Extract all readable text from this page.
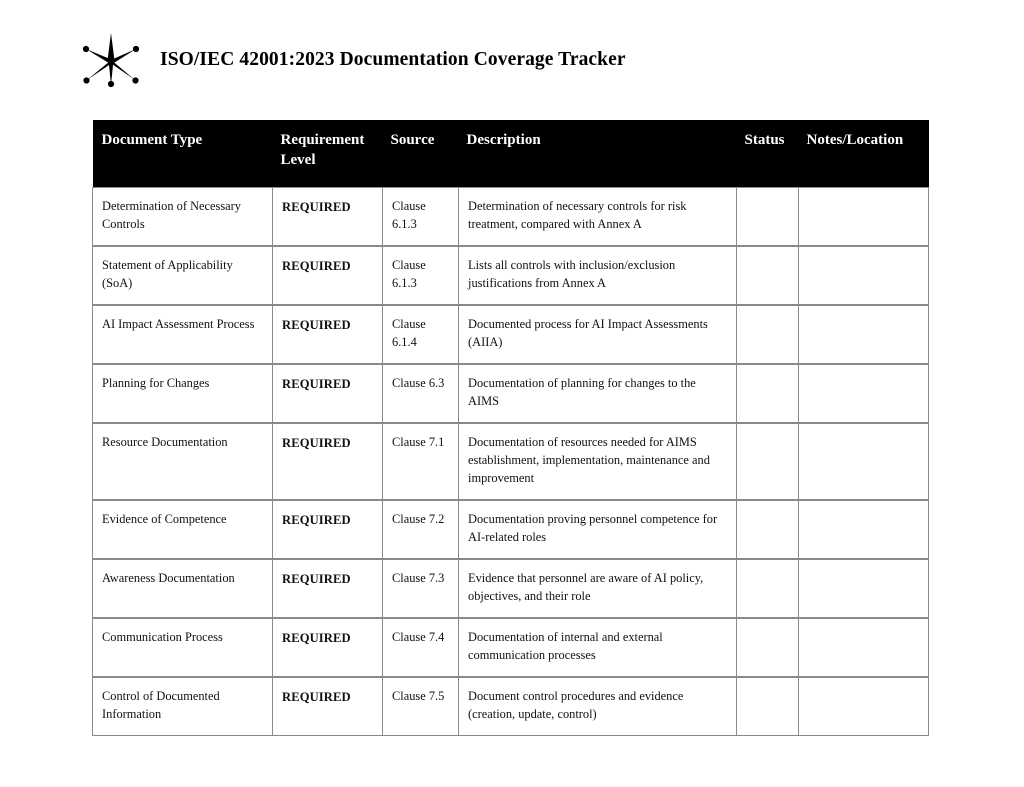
ISO/IEC 42001:2023 Documentation Coverage Tracker
Document Type	Requirement Level	Source	Description	Status	Notes/Location
Determination of Necessary Controls	REQUIRED	Clause 6.1.3	Determination of necessary controls for risk treatment, compared with Annex A		
Statement of Applicability (SoA)	REQUIRED	Clause 6.1.3	Lists all controls with inclusion/exclusion justifications from Annex A		
AI Impact Assessment Process	REQUIRED	Clause 6.1.4	Documented process for AI Impact Assessments (AIIA)		
Planning for Changes	REQUIRED	Clause 6.3	Documentation of planning for changes to the AIMS		
Resource Documentation	REQUIRED	Clause 7.1	Documentation of resources needed for AIMS establishment, implementation, maintenance and improvement		
Evidence of Competence	REQUIRED	Clause 7.2	Documentation proving personnel competence for AI-related roles		
Awareness Documentation	REQUIRED	Clause 7.3	Evidence that personnel are aware of AI policy, objectives, and their role		
Communication Process	REQUIRED	Clause 7.4	Documentation of internal and external communication processes		
Control of Documented Information	REQUIRED	Clause 7.5	Document control procedures and evidence (creation, update, control)		
